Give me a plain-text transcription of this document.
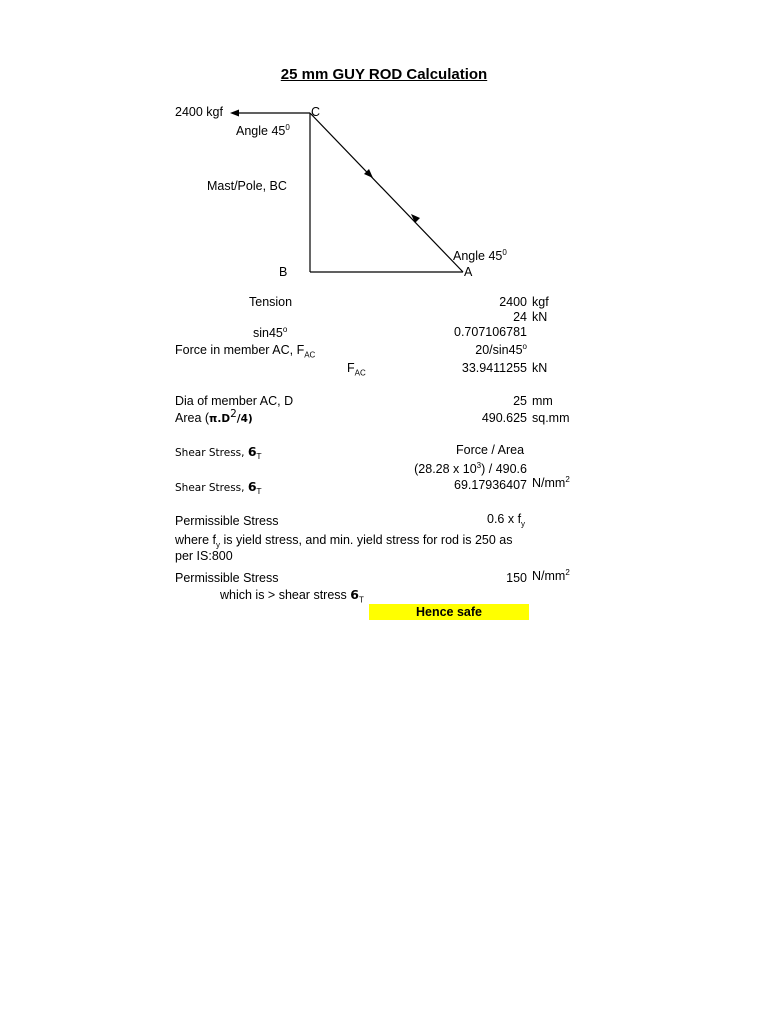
25 mm GUY ROD Calculation
2400 kgf	C
Angle $45^0$
Mast/Pole, BC
Angle $45^0$
B	A
Tension	2400 kgf
24 kN
sin45$^o$	0.707106781
Force in member AC, $F_{AC}$	20/sin45$^o$
$F_{AC}$	33.9411255 kN
Dia of member AC, D	25 mm
Area $(\pi.D^2/4)$	490.625 sq.mm
Shear Stress, $6_T$	Force / Area
(28.28 x $10^3) / 490.6$
Shear Stress, $6_T$	69.17936407 $N/mm^2$
Permissible Stress	0.6 x $f_y$
where $f_y$ is yield stress, and min. yield stress for rod is 250 as
per IS:800
Permissible Stress	150 $N/mm^2$
which is > shear stress $6_T$
Hence safe
